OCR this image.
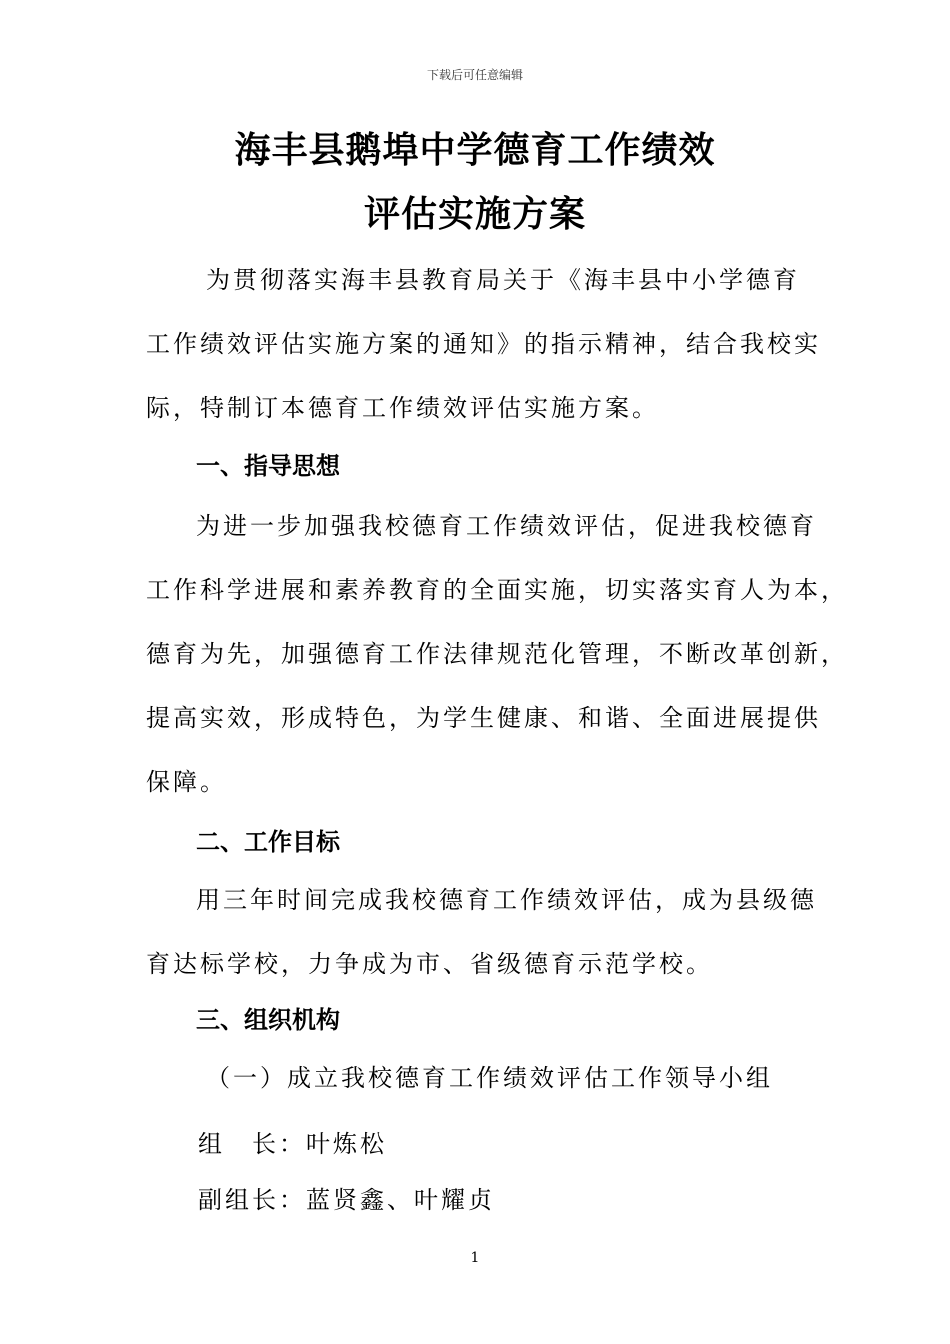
下载后可任意编辑
海丰县鹅埠中学德育工作绩效
评估实施方案
为贯彻落实海丰县教育局关于《海丰县中小学德育
工作绩效评估实施方案的通知》的指示精神，结合我校实
际，特制订本德育工作绩效评估实施方案。
一、指导思想
为进一步加强我校德育工作绩效评估，促进我校德育
工作科学进展和素养教育的全面实施，切实落实育人为本，
德育为先，加强德育工作法律规范化管理，不断改革创新，
提高实效，形成特色，为学生健康、和谐、全面进展提供
保障。
二、工作目标
用三年时间完成我校德育工作绩效评估，成为县级德
育达标学校，力争成为市、省级德育示范学校。
三、组织机构
（一）成立我校德育工作绩效评估工作领导小组
组　长：叶炼松
副组长：蓝贤鑫、叶耀贞
1
